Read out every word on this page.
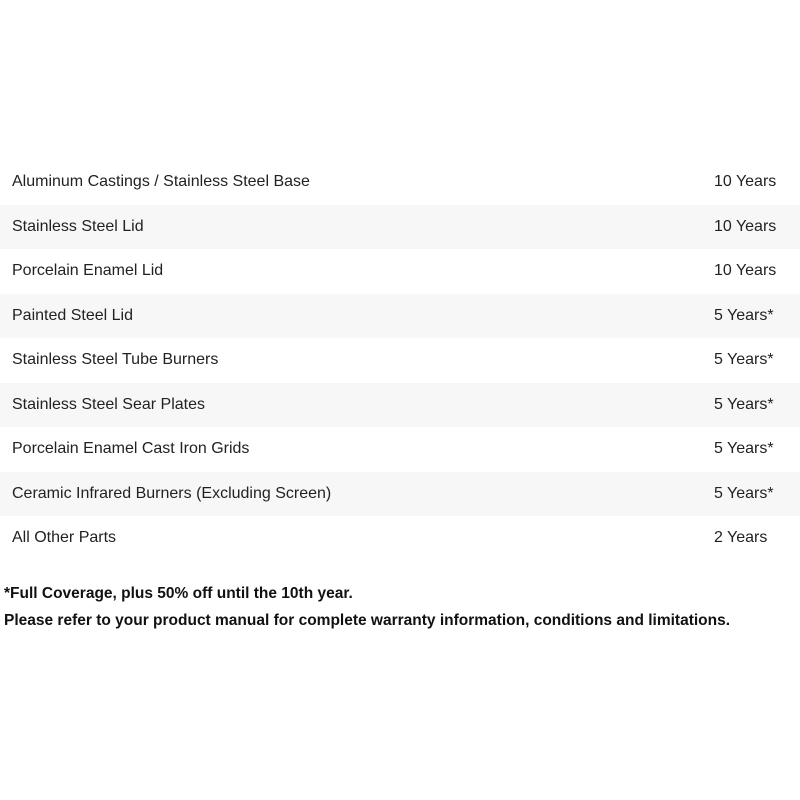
Aluminum Castings / Stainless Steel Base	10 Years
Stainless Steel Lid	10 Years
Porcelain Enamel Lid	10 Years
Painted Steel Lid	5 Years*
Stainless Steel Tube Burners	5 Years*
Stainless Steel Sear Plates	5 Years*
Porcelain Enamel Cast Iron Grids	5 Years*
Ceramic Infrared Burners (Excluding Screen)	5 Years*
All Other Parts	2 Years
*Full Coverage, plus 50% off until the 10th year.
Please refer to your product manual for complete warranty information, conditions and limitations.
